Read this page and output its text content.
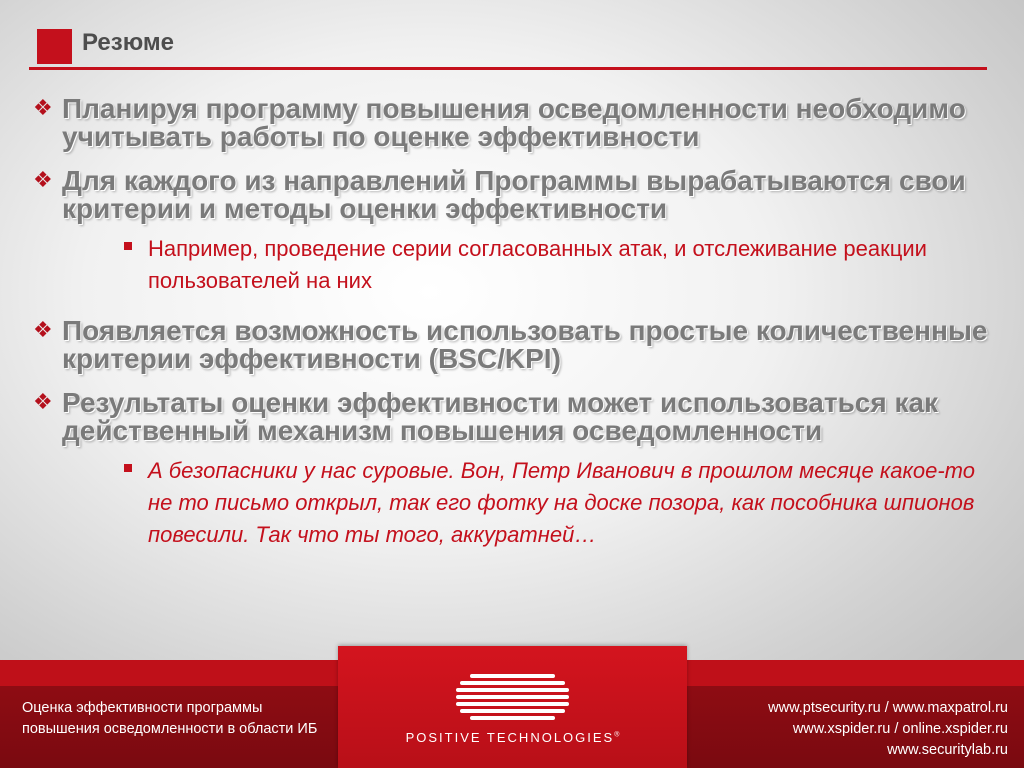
Резюме
❖ Планируя программу повышения осведомленности необходимо учитывать работы по оценке эффективности
❖ Для каждого из направлений Программы вырабатываются свои критерии и методы оценки эффективности
Например, проведение серии согласованных атак, и отслеживание реакции пользователей на них
❖ Появляется возможность использовать простые количественные критерии эффективности (BSC/KPI)
❖ Результаты оценки эффективности может использоваться как действенный механизм повышения осведомленности
А безопасники у нас суровые. Вон, Петр Иванович в прошлом месяце какое-то не то письмо открыл, так его фотку на доске позора, как пособника шпионов повесили. Так что ты того, аккуратней…
Оценка эффективности программы повышения осведомленности в области ИБ
www.ptsecurity.ru / www.maxpatrol.ru
www.xspider.ru / online.xspider.ru
www.securitylab.ru
POSITIVE TECHNOLOGIES®
